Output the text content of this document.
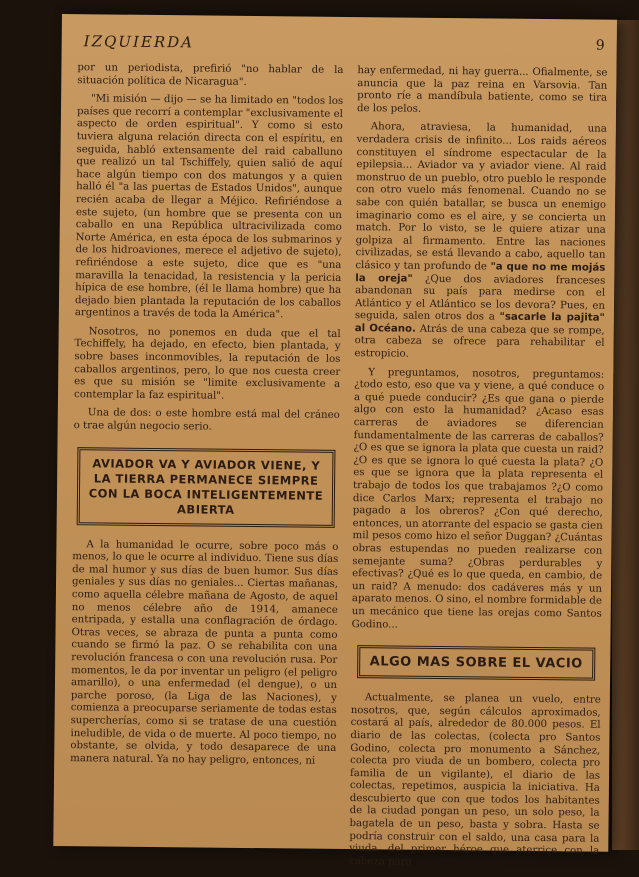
IZQUIERDA	9

por un periodista, prefirió "no hablar de la situación política de Nicaragua".

"Mi misión — dijo — se ha limitado en "todos los países que recorrí a contemplar "exclusivamente el aspecto de orden espiritual". Y como si esto tuviera alguna relación directa con el espíritu, en seguida, habló extensamente del raid caballuno que realizó un tal Tschiffely, quien salió de aquí hace algún tiempo con dos matungos y a quien halló él "a las puertas de Estados Unidos", aunque recién acaba de llegar a Méjico. Refiriéndose a este sujeto, (un hombre que se presenta con un caballo en una República ultracivilizada como Norte América, en esta época de los submarinos y de los hidroaviones, merece el adjetivo de sujeto), refiriéndose a este sujeto, dice que es "una maravilla la tenacidad, la resistencia y la pericia hípica de ese hombre, (él le llama hombre) que ha dejado bien plantada la reputación de los caballos argentinos a través de toda la América".

Nosotros, no ponemos en duda que el tal Techiffely, ha dejado, en efecto, bien plantada, y sobre bases inconmovibles, la reputación de los caballos argentinos, pero, lo que nos cuesta creer es que su misión se "limite exclusivamente a contemplar la faz espiritual".

Una de dos: o este hombre está mal del cráneo o trae algún negocio serio.

AVIADOR VA Y AVIADOR VIENE, Y LA TIERRA PERMANECE SIEMPRE CON LA BOCA INTELIGENTEMENTE ABIERTA

A la humanidad le ocurre, sobre poco más o menos, lo que le ocurre al individuo. Tiene sus días de mal humor y sus días de buen humor. Sus días geniales y sus días no geniales... Ciertas mañanas, como aquella célebre mañana de Agosto, de aquel no menos célebre año de 1914, amanece entripada, y estalla una conflagración de órdago. Otras veces, se abraza de punta a punta como cuando se firmó la paz. O se rehabilita con una revolución francesa o con una revolución rusa. Por momentos, le da por inventar un peligro (el peligro amarillo), o una enfermedad (el dengue), o un parche poroso, (la Liga de las Naciones), y comienza a preocuparse seriamente de todas estas supercherías, como si se tratase de una cuestión ineludible, de vida o de muerte. Al poco tiempo, no obstante, se olvida, y todo desaparece de una manera natural. Ya no hay peligro, entonces, ni

hay enfermedad, ni hay guerra... Ofialmente, se anuncia que la paz reina en Varsovia. Tan pronto ríe a mandíbula batiente, como se tira de los pelos.

Ahora, atraviesa, la humanidad, una verdadera crisis de infinito... Los raids aéreos constituyen el síndrome espectacular de la epilepsia... Aviador va y aviador viene. Al raid monstruo de un pueblo, otro pueblo le responde con otro vuelo más fenomenal. Cuando no se sabe con quién batallar, se busca un enemigo imaginario como es el aire, y se concierta un match. Por lo visto, se le quiere atizar una golpiza al firmamento. Entre las naciones civilizadas, se está llevando a cabo, aquello tan clásico y tan profundo de "a que no me mojás la oreja" ¿Que dos aviadores franceses abandonan su país para medirse con el Atlántico y el Atlántico se los devora? Pues, en seguida, salen otros dos a "sacarle la pajita" al Océano. Atrás de una cabeza que se rompe, otra cabeza se ofrece para rehabilitar el estropicio.

Y preguntamos, nosotros, preguntamos: ¿todo esto, eso que va y viene, a qué conduce o a qué puede conducir? ¿Es que gana o pierde algo con esto la humanidad? ¿Acaso esas carreras de aviadores se diferencian fundamentalmente de las carreras de caballos? ¿O es que se ignora la plata que cuesta un raid? ¿O es que se ignora lo qué cuesta la plata? ¿O es que se ignora que la plata representa el trabajo de todos los que trabajamos ?¿O como dice Carlos Marx; representa el trabajo no pagado a los obreros? ¿Con qué derecho, entonces, un atorrante del espacio se gasta cien mil pesos como hizo el señor Duggan? ¿Cuántas obras estupendas no pueden realizarse con semejante suma? ¿Obras perdurables y efectivas? ¿Qué es lo que queda, en cambio, de un raid? A menudo: dos cadáveres más y un aparato menos. O sino, el nombre formidable de un mecánico que tiene las orejas como Santos Godino...

ALGO MAS SOBRE EL VACIO

Actualmente, se planea un vuelo, entre nosotros, que, según cálculos aproximados, costará al país, alrededor de 80.000 pesos. El diario de las colectas, (colecta pro Santos Godino, colecta pro monumento a Sánchez, colecta pro viuda de un bombero, colecta pro familia de un vigilante), el diario de las colectas, repetimos, auspicia la iniciativa. Ha descubierto que con que todos los habitantes de la ciudad pongan un peso, un solo peso, la bagatela de un peso, basta y sobra. Hasta se podría construir con el saldo, una casa para la viuda, del primer héroe que aterrice con la cabeza para
